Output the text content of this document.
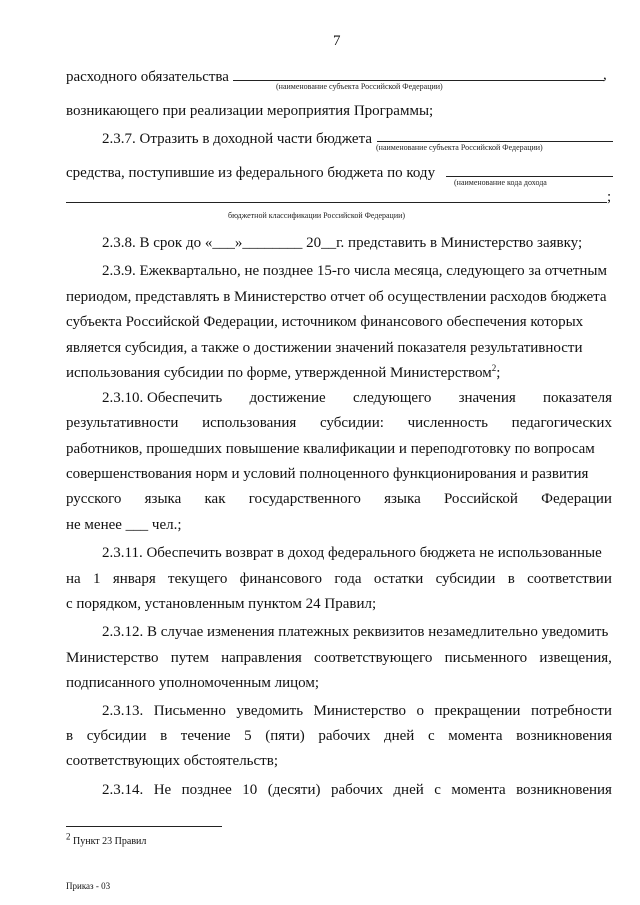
7
расходного обязательства	,
(наименование субъекта Российской Федерации)
возникающего при реализации мероприятия Программы;
2.3.7. Отразить в доходной части бюджета
(наименование субъекта Российской Федерации)
средства, поступившие из федерального бюджета по коду
(наименование кода дохода
;
бюджетной классификации Российской Федерации)
2.3.8. В срок до «___»________ 20__г. представить в Министерство заявку;
2.3.9. Ежеквартально, не позднее 15-го числа месяца, следующего за отчетным
периодом, представлять в Министерство отчет об осуществлении расходов бюджета
субъекта Российской Федерации, источником финансового обеспечения которых
является субсидия, а также о достижении значений показателя результативности
использования субсидии по форме, утвержденной Министерством$^2$;
2.3.10. Обеспечить достижение следующего значения показателя
результативности использования субсидии: численность педагогических
работников, прошедших повышение квалификации и переподготовку по вопросам
совершенствования норм и условий полноценного функционирования и развития
русского языка как государственного языка Российской Федерации
не менее ___ чел.;
2.3.11. Обеспечить возврат в доход федерального бюджета не использованные
на 1 января текущего финансового года остатки субсидии в соответствии
с порядком, установленным пунктом 24 Правил;
2.3.12. В случае изменения платежных реквизитов незамедлительно уведомить
Министерство путем направления соответствующего письменного извещения,
подписанного уполномоченным лицом;
2.3.13. Письменно уведомить Министерство о прекращении потребности
в субсидии в течение 5 (пяти) рабочих дней с момента возникновения
соответствующих обстоятельств;
2.3.14. Не позднее 10 (десяти) рабочих дней с момента возникновения
$^2$ Пункт 23 Правил
Приказ - 03
